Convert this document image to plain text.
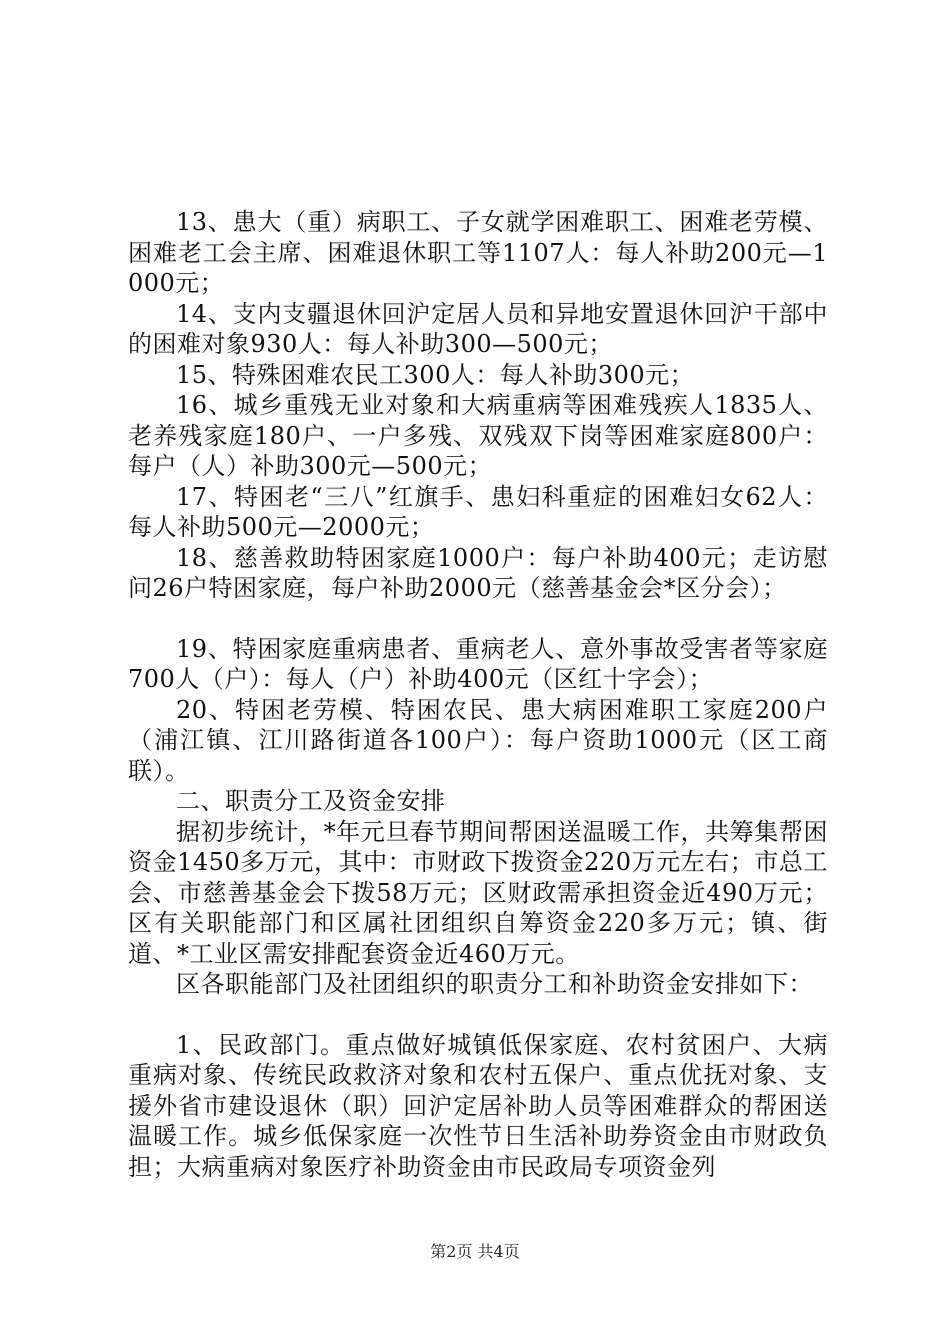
13、患大（重）病职工、子女就学困难职工、困难老劳模、困难老工会主席、困难退休职工等1107人：每人补助200元—1000元；

14、支内支疆退休回沪定居人员和异地安置退休回沪干部中的困难对象930人：每人补助300—500元；

15、特殊困难农民工300人：每人补助300元；

16、城乡重残无业对象和大病重病等困难残疾人1835人、老养残家庭180户、一户多残、双残双下岗等困难家庭800户：每户（人）补助300元—500元；

17、特困老“三八”红旗手、患妇科重症的困难妇女62人：每人补助500元—2000元；

18、慈善救助特困家庭1000户：每户补助400元；走访慰问26户特困家庭，每户补助2000元（慈善基金会*区分会）；

19、特困家庭重病患者、重病老人、意外事故受害者等家庭700人（户）：每人（户）补助400元（区红十字会）；

20、特困老劳模、特困农民、患大病困难职工家庭200户（浦江镇、江川路街道各100户）：每户资助1000元（区工商联）。

二、职责分工及资金安排

据初步统计，*年元旦春节期间帮困送温暖工作，共筹集帮困资金1450多万元，其中：市财政下拨资金220万元左右；市总工会、市慈善基金会下拨58万元；区财政需承担资金近490万元；区有关职能部门和区属社团组织自筹资金220多万元；镇、街道、*工业区需安排配套资金近460万元。

区各职能部门及社团组织的职责分工和补助资金安排如下：

1、民政部门。重点做好城镇低保家庭、农村贫困户、大病重病对象、传统民政救济对象和农村五保户、重点优抚对象、支援外省市建设退休（职）回沪定居补助人员等困难群众的帮困送温暖工作。城乡低保家庭一次性节日生活补助券资金由市财政负担；大病重病对象医疗补助资金由市民政局专项资金列

第2页 共4页
